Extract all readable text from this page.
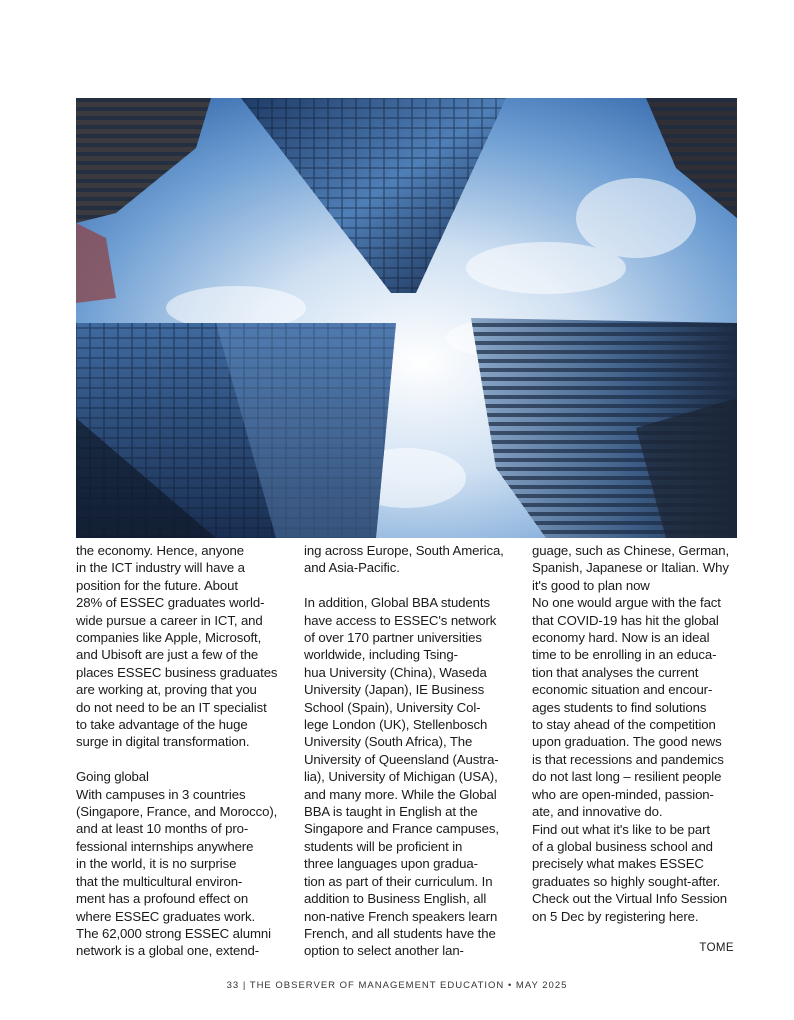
the economy. Hence, anyone

in the ICT industry will have a

position for the future. About

28% of ESSEC graduates world-

wide pursue a career in ICT, and

companies like Apple, Microsoft,

and Ubisoft are just a few of the

places ESSEC business graduates

are working at, proving that you

do not need to be an IT specialist

to take advantage of the huge

surge in digital transformation.

Going global

With campuses in 3 countries

(Singapore, France, and Morocco),

and at least 10 months of pro-

fessional internships anywhere

in the world, it is no surprise

that the multicultural environ-

ment has a profound effect on

where ESSEC graduates work.

The 62,000 strong ESSEC alumni

network is a global one, extend-

ing across Europe, South America,

and Asia-Pacific.

In addition, Global BBA students

have access to ESSEC's network

of over 170 partner universities

worldwide, including Tsing-

hua University (China), Waseda

University (Japan), IE Business

School (Spain), University Col-

lege London (UK), Stellenbosch

University (South Africa), The

University of Queensland (Austra-

lia), University of Michigan (USA),

and many more. While the Global

BBA is taught in English at the

Singapore and France campuses,

students will be proficient in

three languages upon gradua-

tion as part of their curriculum. In

addition to Business English, all

non-native French speakers learn

French, and all students have the

option to select another lan-

guage, such as Chinese, German,

Spanish, Japanese or Italian. Why

it's good to plan now

No one would argue with the fact

that COVID-19 has hit the global

economy hard. Now is an ideal

time to be enrolling in an educa-

tion that analyses the current

economic situation and encour-

ages students to find solutions

to stay ahead of the competition

upon graduation. The good news

is that recessions and pandemics

do not last long – resilient people

who are open-minded, passion-

ate, and innovative do.

Find out what it's like to be part

of a global business school and

precisely what makes ESSEC

graduates so highly sought-after.

Check out the Virtual Info Session

on 5 Dec by registering here.

TOME
33 | THE OBSERVER OF MANAGEMENT EDUCATION • MAY 2025
